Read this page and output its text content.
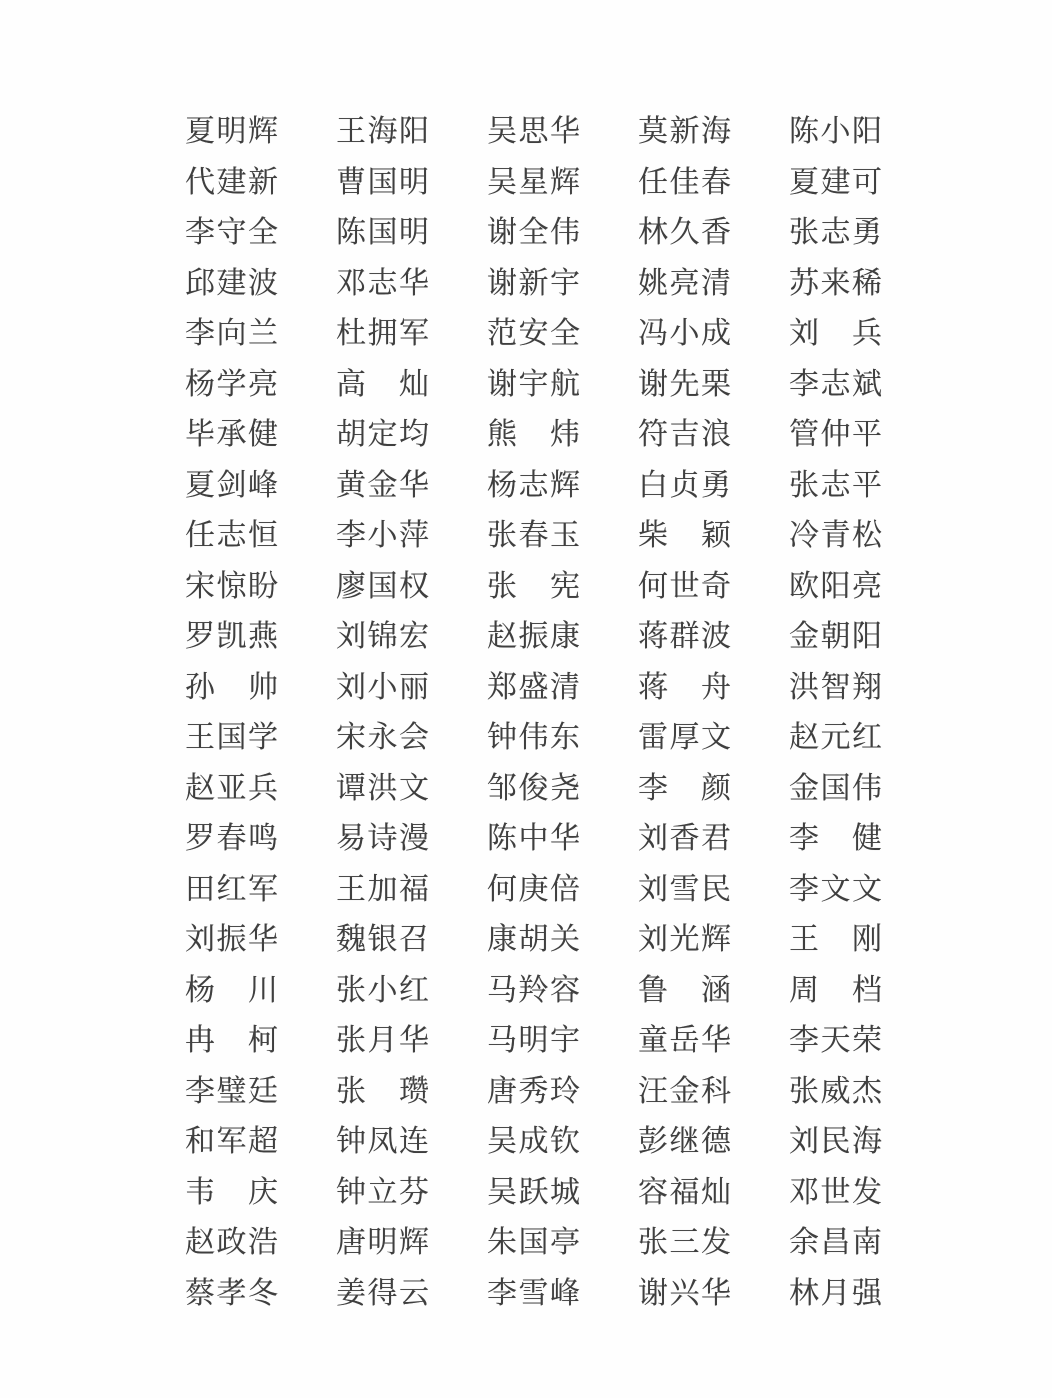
夏明辉 王海阳 吴思华 莫新海 陈小阳
代建新 曹国明 吴星辉 任佳春 夏建可
李守全 陈国明 谢全伟 林久香 张志勇
邱建波 邓志华 谢新宇 姚亮清 苏来稀
李向兰 杜拥军 范安全 冯小成 刘　兵
杨学亮 高　灿 谢宇航 谢先栗 李志斌
毕承健 胡定均 熊　炜 符吉浪 管仲平
夏剑峰 黄金华 杨志辉 白贞勇 张志平
任志恒 李小萍 张春玉 柴　颖 冷青松
宋惊盼 廖国权 张　宪 何世奇 欧阳亮
罗凯燕 刘锦宏 赵振康 蒋群波 金朝阳
孙　帅 刘小丽 郑盛清 蒋　舟 洪智翔
王国学 宋永会 钟伟东 雷厚文 赵元红
赵亚兵 谭洪文 邹俊尧 李　颜 金国伟
罗春鸣 易诗漫 陈中华 刘香君 李　健
田红军 王加福 何庚倍 刘雪民 李文文
刘振华 魏银召 康胡关 刘光辉 王　刚
杨　川 张小红 马羚容 鲁　涵 周　档
冉　柯 张月华 马明宇 童岳华 李天荣
李璧廷 张　瓒 唐秀玲 汪金科 张威杰
和军超 钟凤连 吴成钦 彭继德 刘民海
韦　庆 钟立芬 吴跃城 容福灿 邓世发
赵政浩 唐明辉 朱国亭 张三发 余昌南
蔡孝冬 姜得云 李雪峰 谢兴华 林月强
